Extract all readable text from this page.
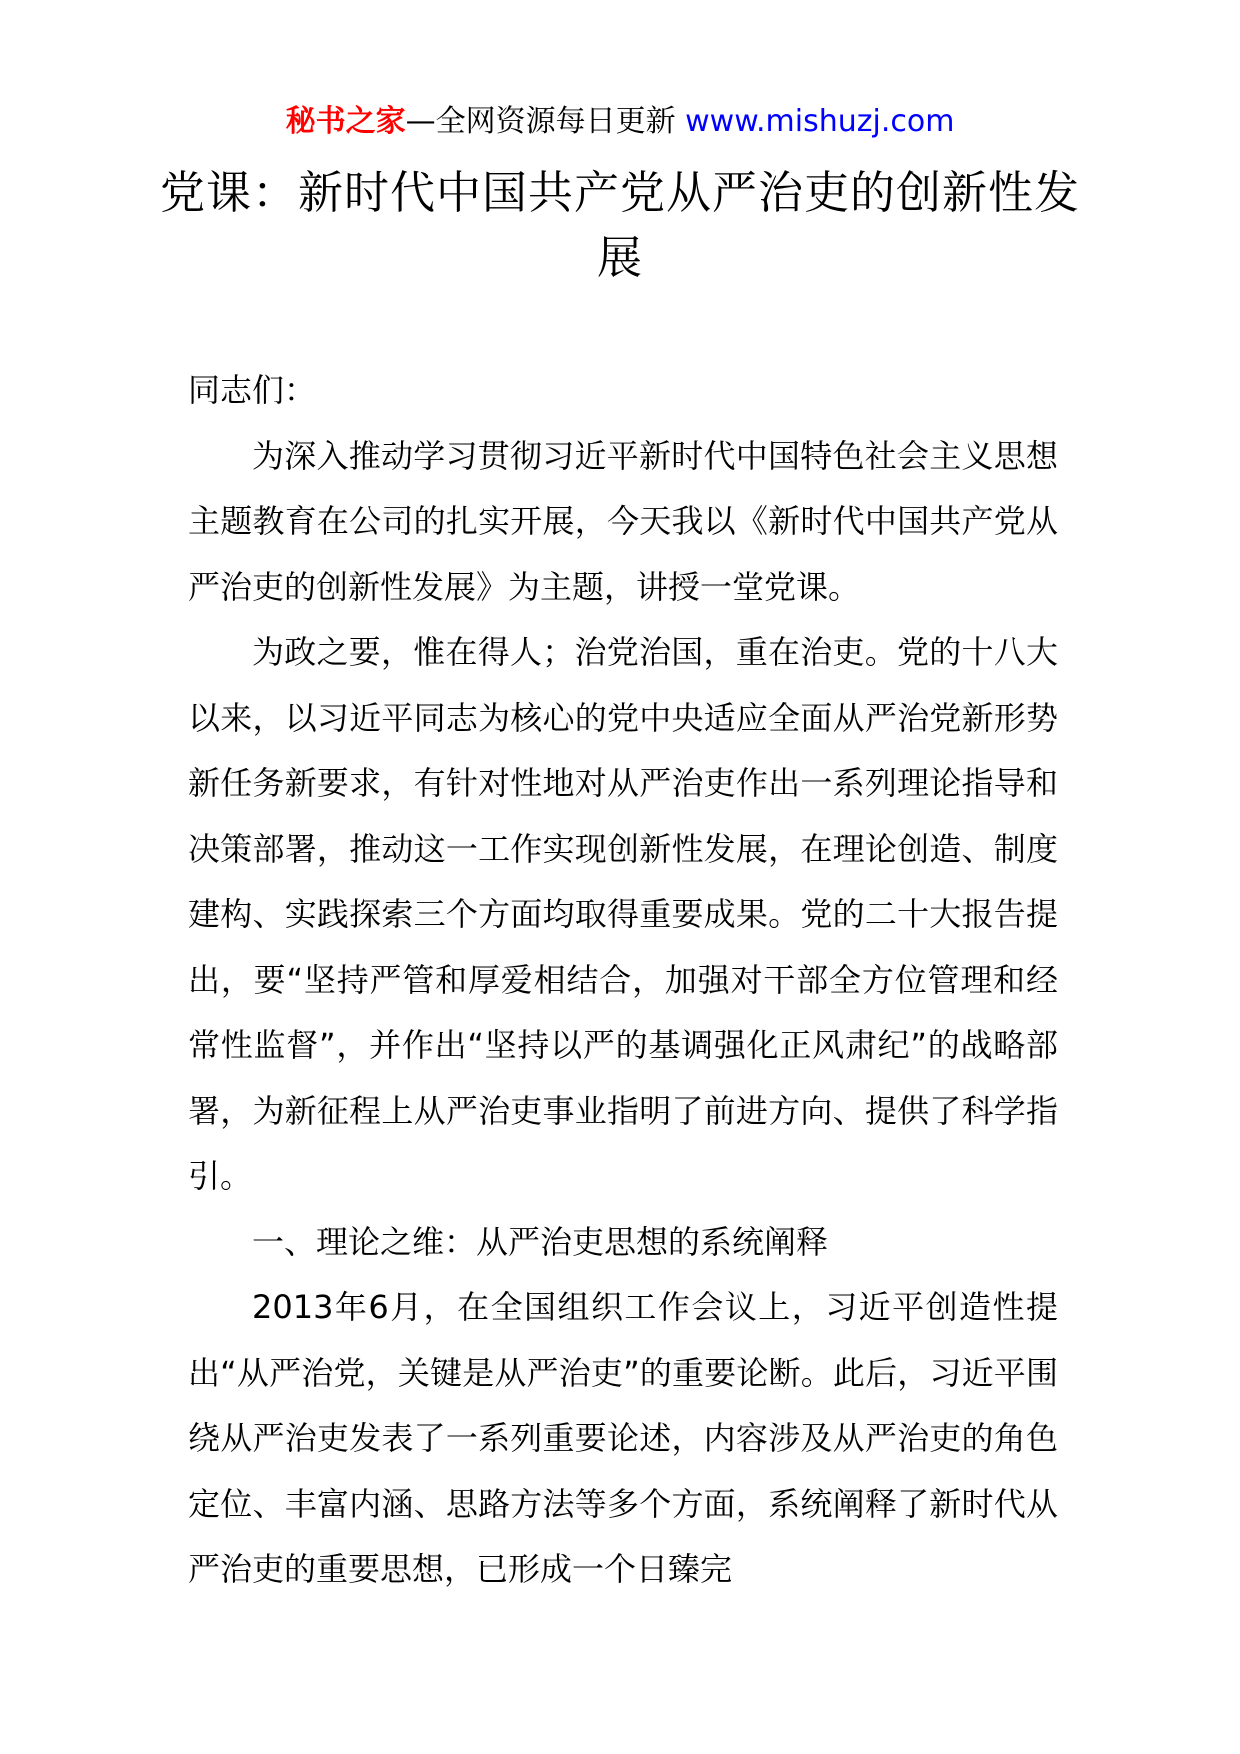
秘书之家—全网资源每日更新 www.mishuzj.com
党课：新时代中国共产党从严治吏的创新性发展

同志们：

为深入推动学习贯彻习近平新时代中国特色社会主义思想主题教育在公司的扎实开展，今天我以《新时代中国共产党从严治吏的创新性发展》为主题，讲授一堂党课。

为政之要，惟在得人；治党治国，重在治吏。党的十八大以来，以习近平同志为核心的党中央适应全面从严治党新形势新任务新要求，有针对性地对从严治吏作出一系列理论指导和决策部署，推动这一工作实现创新性发展，在理论创造、制度建构、实践探索三个方面均取得重要成果。党的二十大报告提出，要“坚持严管和厚爱相结合，加强对干部全方位管理和经常性监督”，并作出“坚持以严的基调强化正风肃纪”的战略部署，为新征程上从严治吏事业指明了前进方向、提供了科学指引。

一、理论之维：从严治吏思想的系统阐释

2013年6月，在全国组织工作会议上，习近平创造性提出“从严治党，关键是从严治吏”的重要论断。此后，习近平围绕从严治吏发表了一系列重要论述，内容涉及从严治吏的角色定位、丰富内涵、思路方法等多个方面，系统阐释了新时代从严治吏的重要思想，已形成一个日臻完
